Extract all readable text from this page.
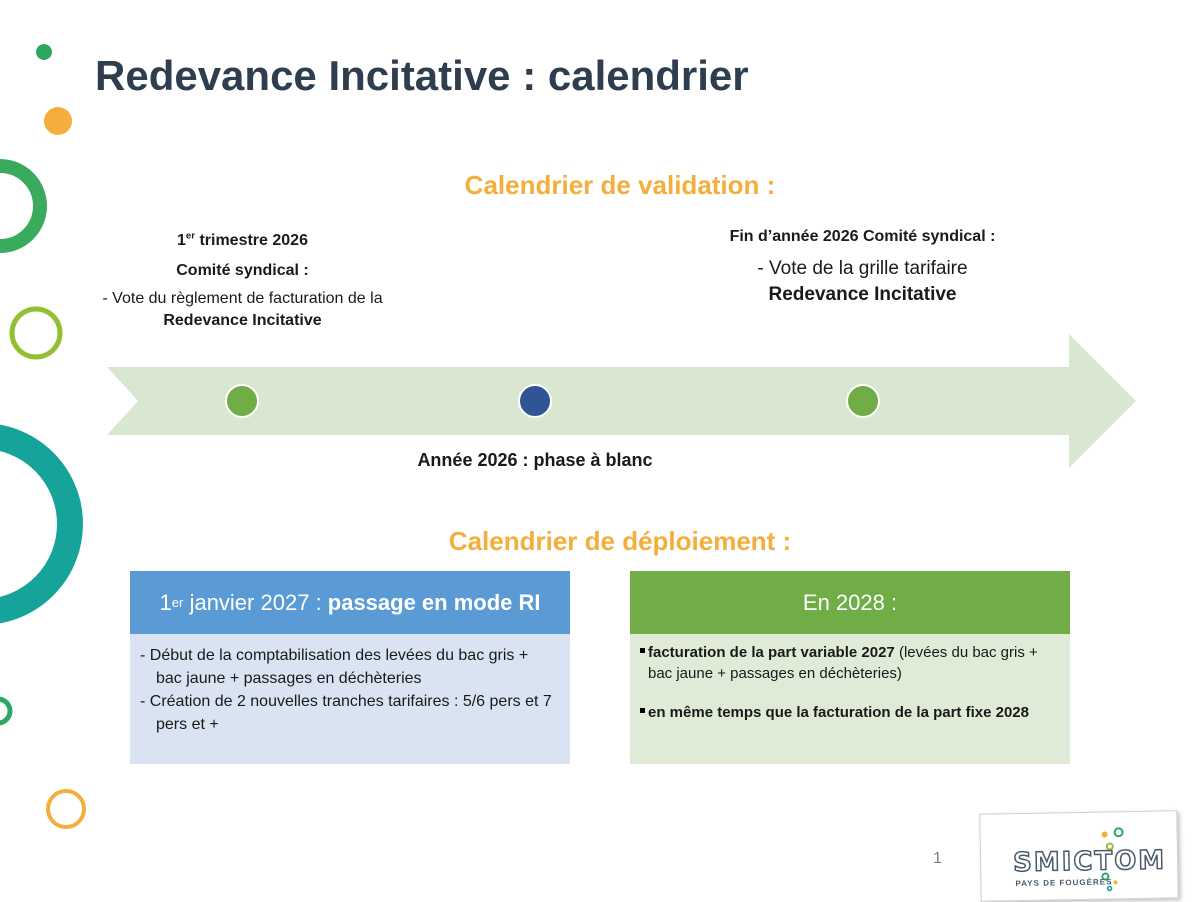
Redevance Incitative : calendrier
Calendrier de validation :
1er trimestre 2026
Comité syndical :
- Vote du règlement de facturation de la Redevance Incitative
Fin d’année 2026 Comité syndical :
- Vote de la grille tarifaire
Redevance Incitative
Année 2026 : phase à blanc
Calendrier de déploiement :
1 er janvier 2027 : passage en mode RI
- Début de la comptabilisation des levées du bac gris + bac jaune + passages en déchèteries
- Création de 2 nouvelles tranches tarifaires : 5/6 pers et 7 pers et +
En 2028 :
facturation de la part variable 2027 (levées du bac gris + bac jaune + passages en déchèteries)
en même temps que la facturation de la part fixe 2028
1	SMICTOM
PAYS DE FOUGÈRES
